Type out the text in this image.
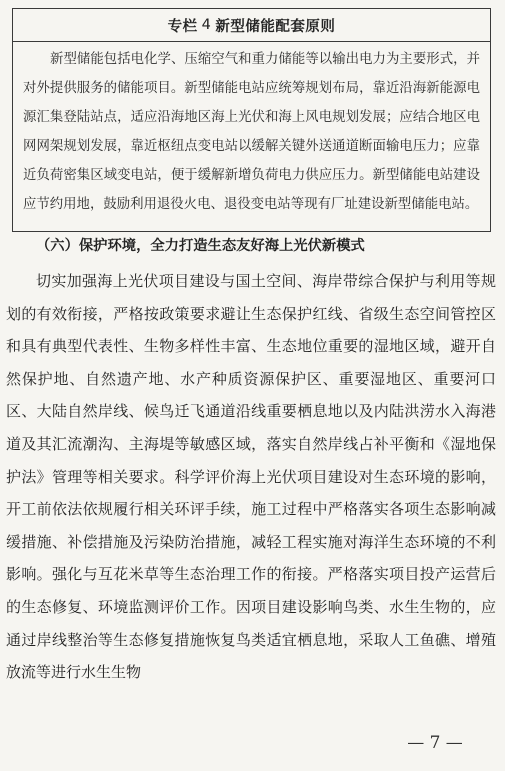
专栏 4 新型储能配套原则
新型储能包括电化学、压缩空气和重力储能等以输出电力为主要形式，并对外提供服务的储能项目。新型储能电站应统筹规划布局，靠近沿海新能源电源汇集登陆站点，适应沿海地区海上光伏和海上风电规划发展；应结合地区电网网架规划发展，靠近枢纽点变电站以缓解关键外送通道断面输电压力；应靠近负荷密集区域变电站，便于缓解新增负荷电力供应压力。新型储能电站建设应节约用地，鼓励利用退役火电、退役变电站等现有厂址建设新型储能电站。
（六）保护环境，全力打造生态友好海上光伏新模式
切实加强海上光伏项目建设与国土空间、海岸带综合保护与利用等规划的有效衔接，严格按政策要求避让生态保护红线、省级生态空间管控区和具有典型代表性、生物多样性丰富、生态地位重要的湿地区域，避开自然保护地、自然遗产地、水产种质资源保护区、重要湿地区、重要河口区、大陆自然岸线、候鸟迁飞通道沿线重要栖息地以及内陆洪涝水入海港道及其汇流潮沟、主海堤等敏感区域，落实自然岸线占补平衡和《湿地保护法》管理等相关要求。科学评价海上光伏项目建设对生态环境的影响，开工前依法依规履行相关环评手续，施工过程中严格落实各项生态影响减缓措施、补偿措施及污染防治措施，减轻工程实施对海洋生态环境的不利影响。强化与互花米草等生态治理工作的衔接。严格落实项目投产运营后的生态修复、环境监测评价工作。因项目建设影响鸟类、水生生物的，应通过岸线整治等生态修复措施恢复鸟类适宜栖息地，采取人工鱼礁、增殖放流等进行水生生物
— 7 —
